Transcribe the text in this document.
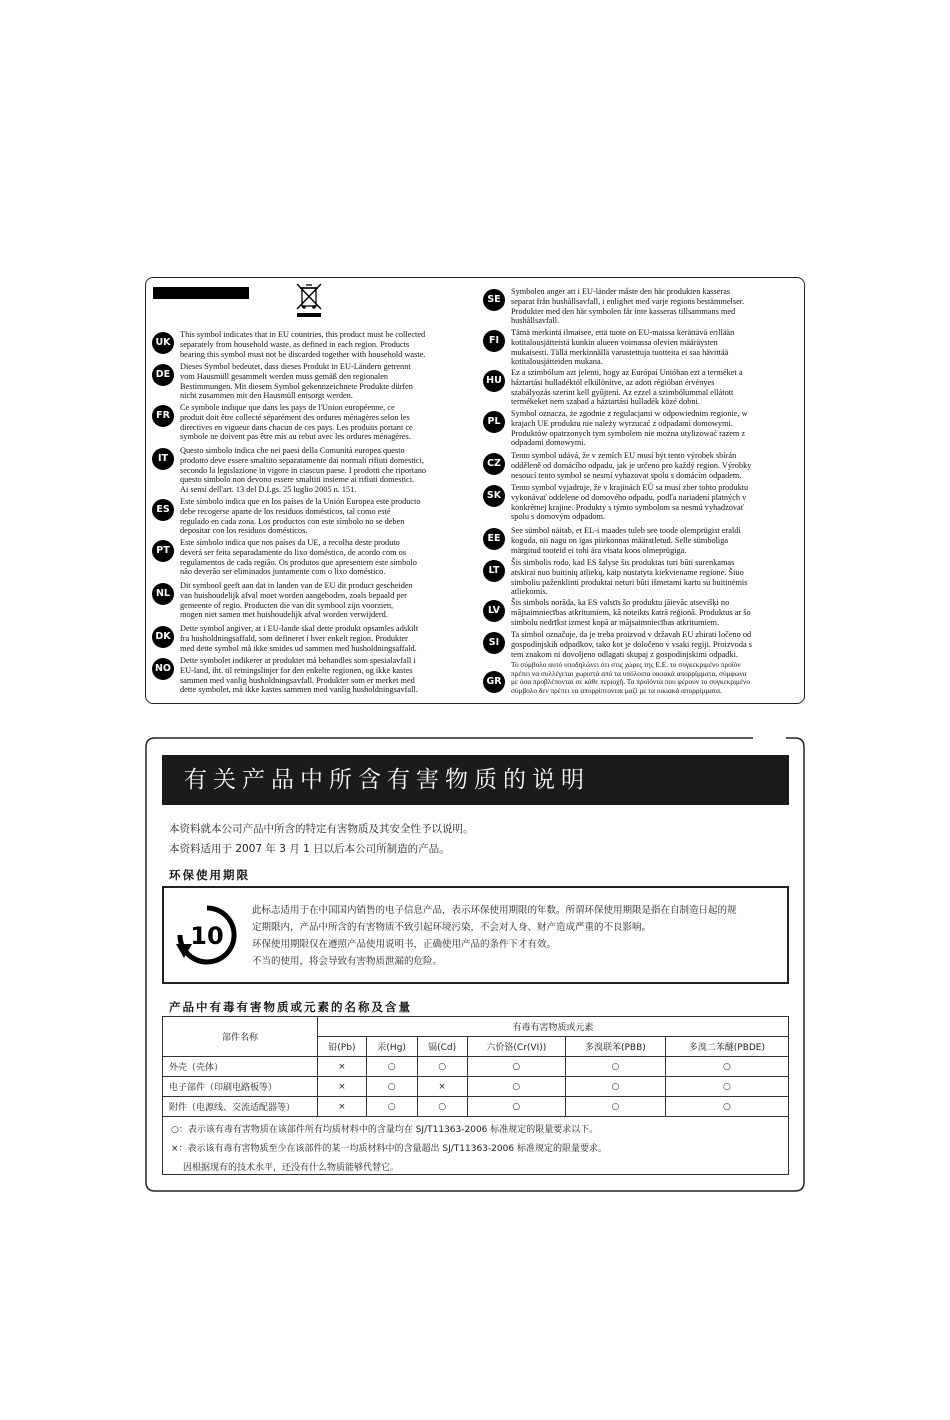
UK
This symbol indicates that in EU countries, this product must be collected
separately from household waste, as defined in each region. Products
bearing this symbol must not be discarded together with household waste.
DE
Dieses Symbol bedeutet, dass dieses Produkt in EU-Ländern getrennt
vom Hausmüll gesammelt werden muss gemäß den regionalen
Bestimmungen. Mit diesem Symbol gekennzeichnete Produkte dürfen
nicht zusammen mit den Hausmüll entsorgt werden.
FR
Ce symbole indique que dans les pays de l'Union européenne, ce
produit doit être collecté séparément des ordures ménagères selon les
directives en vigueur dans chacun de ces pays. Les produits portant ce
symbole ne doivent pas être mis au rebut avec les ordures ménagères.
IT
Questo simbolo indica che nei paesi della Comunità europea questo
prodotto deve essere smaltito separatamente dai normali rifiuti domestici,
secondo la legislazione in vigore in ciascun paese. I prodotti che riportano
questo simbolo non devono essere smaltiti insieme ai rifiuti domestici.
Ai sensi dell'art. 13 del D.Lgs. 25 luglio 2005 n. 151.
ES
Este símbolo indica que en los países de la Unión Europea este producto
debe recogerse aparte de los residuos domésticos, tal como esté
regulado en cada zona. Los productos con este símbolo no se deben
depositar con los residuos domésticos.
PT
Este símbolo indica que nos países da UE, a recolha deste produto
deverá ser feita separadamente do lixo doméstico, de acordo com os
regulamentos de cada região. Os produtos que apresentem este símbolo
não deverão ser eliminados juntamente com o lixo doméstico.
NL
Dit symbool geeft aan dat in landen van de EU dit product gescheiden
van huishoudelijk afval moet worden aangeboden, zoals bepaald per
gemeente of regio. Producten die van dit symbool zijn voorzien,
mogen niet samen met huishoudelijk afval worden verwijderd.
DK
Dette symbol angiver, at i EU-lande skal dette produkt opsamles adskilt
fra husholdningsaffald, som defineret i hver enkelt region. Produkter
med dette symbol må ikke smides ud sammen med husholdningsaffald.
NO
Dette symbolet indikerer at produktet må behandles som spesialavfall i
EU-land, iht. til retningslinjer for den enkelte regionen, og ikke kastes
sammen med vanlig husholdningsavfall. Produkter som er merket med
dette symbolet, må ikke kastes sammen med vanlig husholdningsavfall.
SE
Symbolen anger att i EU-länder måste den här produkten kasseras
separat från hushållsavfall, i enlighet med varje regions bestämmelser.
Produkter med den här symbolen får inte kasseras tillsammans med
hushållsavfall.
FI
Tämä merkintä ilmaisee, että tuote on EU-maissa kerättävä erillään
kotitalousjätteistä kunkin alueen voimassa olevien määräysten
mukaisesti. Tällä merkinnällä varustettuja tuotteita ei saa hävittää
kotitalousjätteiden mukana.
HU
Ez a szimbólum azt jelenti, hogy az Európai Unióban ezt a terméket a
háztartási hulladéktól elkülönítve, az adott régióban érvényes
szabályozás szerint kell gyűjteni. Az ezzel a szimbólummal ellátott
termékeket nem szabad a háztartási hulladék közé dobni.
PL
Symbol oznacza, że zgodnie z regulacjami w odpowiednim regionie, w
krajach UE produktu nie należy wyrzucać z odpadami domowymi.
Produktów opatrzonych tym symbolem nie można utylizować razem z
odpadami domowymi.
CZ
Tento symbol udává, že v zemích EU musí být tento výrobek sbírán
odděleně od domácího odpadu, jak je určeno pro každý region. Výrobky
nesoucí tento symbol se nesmí vyhazovat spolu s domácím odpadem.
SK
Tento symbol vyjadruje, že v krajinách EÚ sa musí zber tohto produktu
vykonávať oddelene od domového odpadu, podľa nariadení platných v
konkrétnej krajine. Produkty s týmto symbolom sa nesmú vyhadzovať
spolu s domovým odpadom.
EE
See sümbol näitab, et EL-i maades tuleb see toode olemprügist eraldi
koguda, nii nagu on igas piirkonnas määratletud. Selle sümboliga
märgitud tooteid ei tohi ära visata koos olmeprügiga.
LT
Šis simbolis rodo, kad ES šalyse šis produktas turi būti surenkamas
atskirai nuo buitinių atliekų, kaip nustatyta kiekviename regione. Šiuo
simboliu paženklinti produktai neturi būti išmetami kartu su buitinėmis
atliekomis.
LV
Šis simbols norāda, ka ES valstīs šo produktu jāievāc atsevišķi no
mājsaimniecības atkritumiem, kā noteikts katrā reģionā. Produktus ar šo
simbolu nedrīkst izmest kopā ar mājsaimniecības atkritumiem.
SI
Ta simbol označuje, da je treba proizvod v državah EU zbirati ločeno od
gospodinjskih odpadkov, tako kot je določeno v vsaki regiji. Proizvoda s
tem znakom ni dovoljeno odlagati skupaj z gospodinjskimi odpadki.
GR
Το σύμβολο αυτό υποδηλώνει ότι στις χώρες της Ε.Ε. το συγκεκριμένο προϊόν
πρέπει να συλλέγεται χωριστά από τα υπόλοιπα οικιακά απορρίμματα, σύμφωνα
με όσα προβλέπονται σε κάθε περιοχή. Τα προϊόντα που φέρουν το συγκεκριμένο
σύμβολο δεν πρέπει να απορρίπτονται μαζί με τα οικιακά απορρίμματα.
有关产品中所含有害物质的说明
本资料就本公司产品中所含的特定有害物质及其安全性予以说明。
本资料适用于 2007 年 3 月 1 日以后本公司所制造的产品。
环保使用期限
10
此标志适用于在中国国内销售的电子信息产品，表示环保使用期限的年数。所谓环保使用期限是指在自制造日起的规
定期限内，产品中所含的有害物质不致引起环境污染，不会对人身、财产造成严重的不良影响。
环保使用期限仅在遵照产品使用说明书，正确使用产品的条件下才有效。
不当的使用，将会导致有害物质泄漏的危险。
产品中有毒有害物质或元素的名称及含量
部件名称	有毒有害物质或元素					
	铅(Pb)	汞(Hg)	镉(Cd)	六价铬(Cr(VI))	多溴联苯(PBB)	多溴二苯醚(PBDE)
外壳（壳体）	×	○	○	○	○	○
电子部件（印刷电路板等）	×	○	×	○	○	○
附件（电源线、交流适配器等）	×	○	○	○	○	○
○：表示该有毒有害物质在该部件所有均质材料中的含量均在 SJ/T11363-2006 标准规定的限量要求以下。
×：表示该有毒有害物质至少在该部件的某一均质材料中的含量超出 SJ/T11363-2006 标准规定的限量要求。
因根据现有的技术水平，还没有什么物质能够代替它。
